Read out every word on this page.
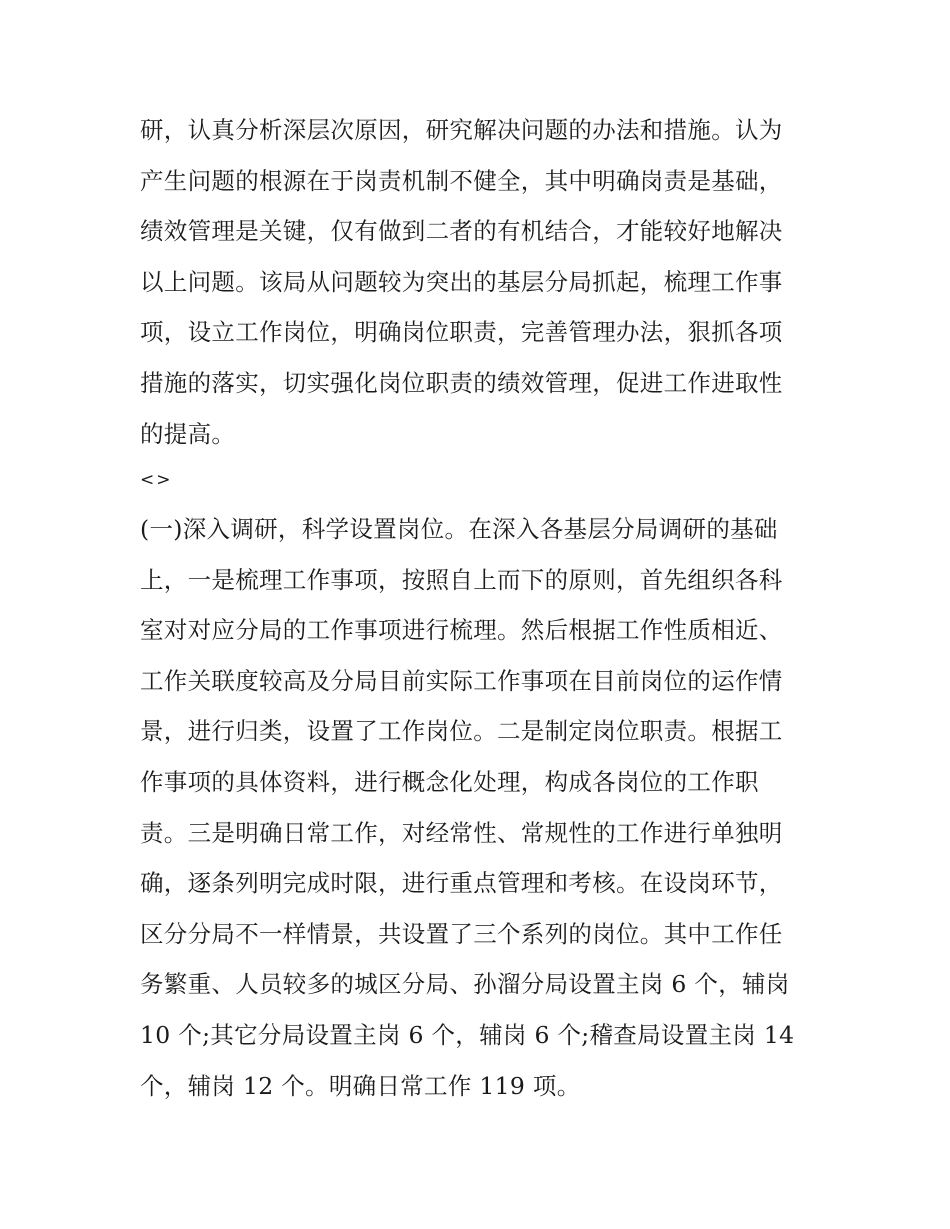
研，认真分析深层次原因，研究解决问题的办法和措施。认为
产生问题的根源在于岗责机制不健全，其中明确岗责是基础，
绩效管理是关键，仅有做到二者的有机结合，才能较好地解决
以上问题。该局从问题较为突出的基层分局抓起，梳理工作事
项，设立工作岗位，明确岗位职责，完善管理办法，狠抓各项
措施的落实，切实强化岗位职责的绩效管理，促进工作进取性
的提高。
<>
(一)深入调研，科学设置岗位。在深入各基层分局调研的基础
上，一是梳理工作事项，按照自上而下的原则，首先组织各科
室对对应分局的工作事项进行梳理。然后根据工作性质相近、
工作关联度较高及分局目前实际工作事项在目前岗位的运作情
景，进行归类，设置了工作岗位。二是制定岗位职责。根据工
作事项的具体资料，进行概念化处理，构成各岗位的工作职
责。三是明确日常工作，对经常性、常规性的工作进行单独明
确，逐条列明完成时限，进行重点管理和考核。在设岗环节，
区分分局不一样情景，共设置了三个系列的岗位。其中工作任
务繁重、人员较多的城区分局、孙溜分局设置主岗 6 个，辅岗
10 个;其它分局设置主岗 6 个，辅岗 6 个;稽查局设置主岗 14
个，辅岗 12 个。明确日常工作 119 项。
